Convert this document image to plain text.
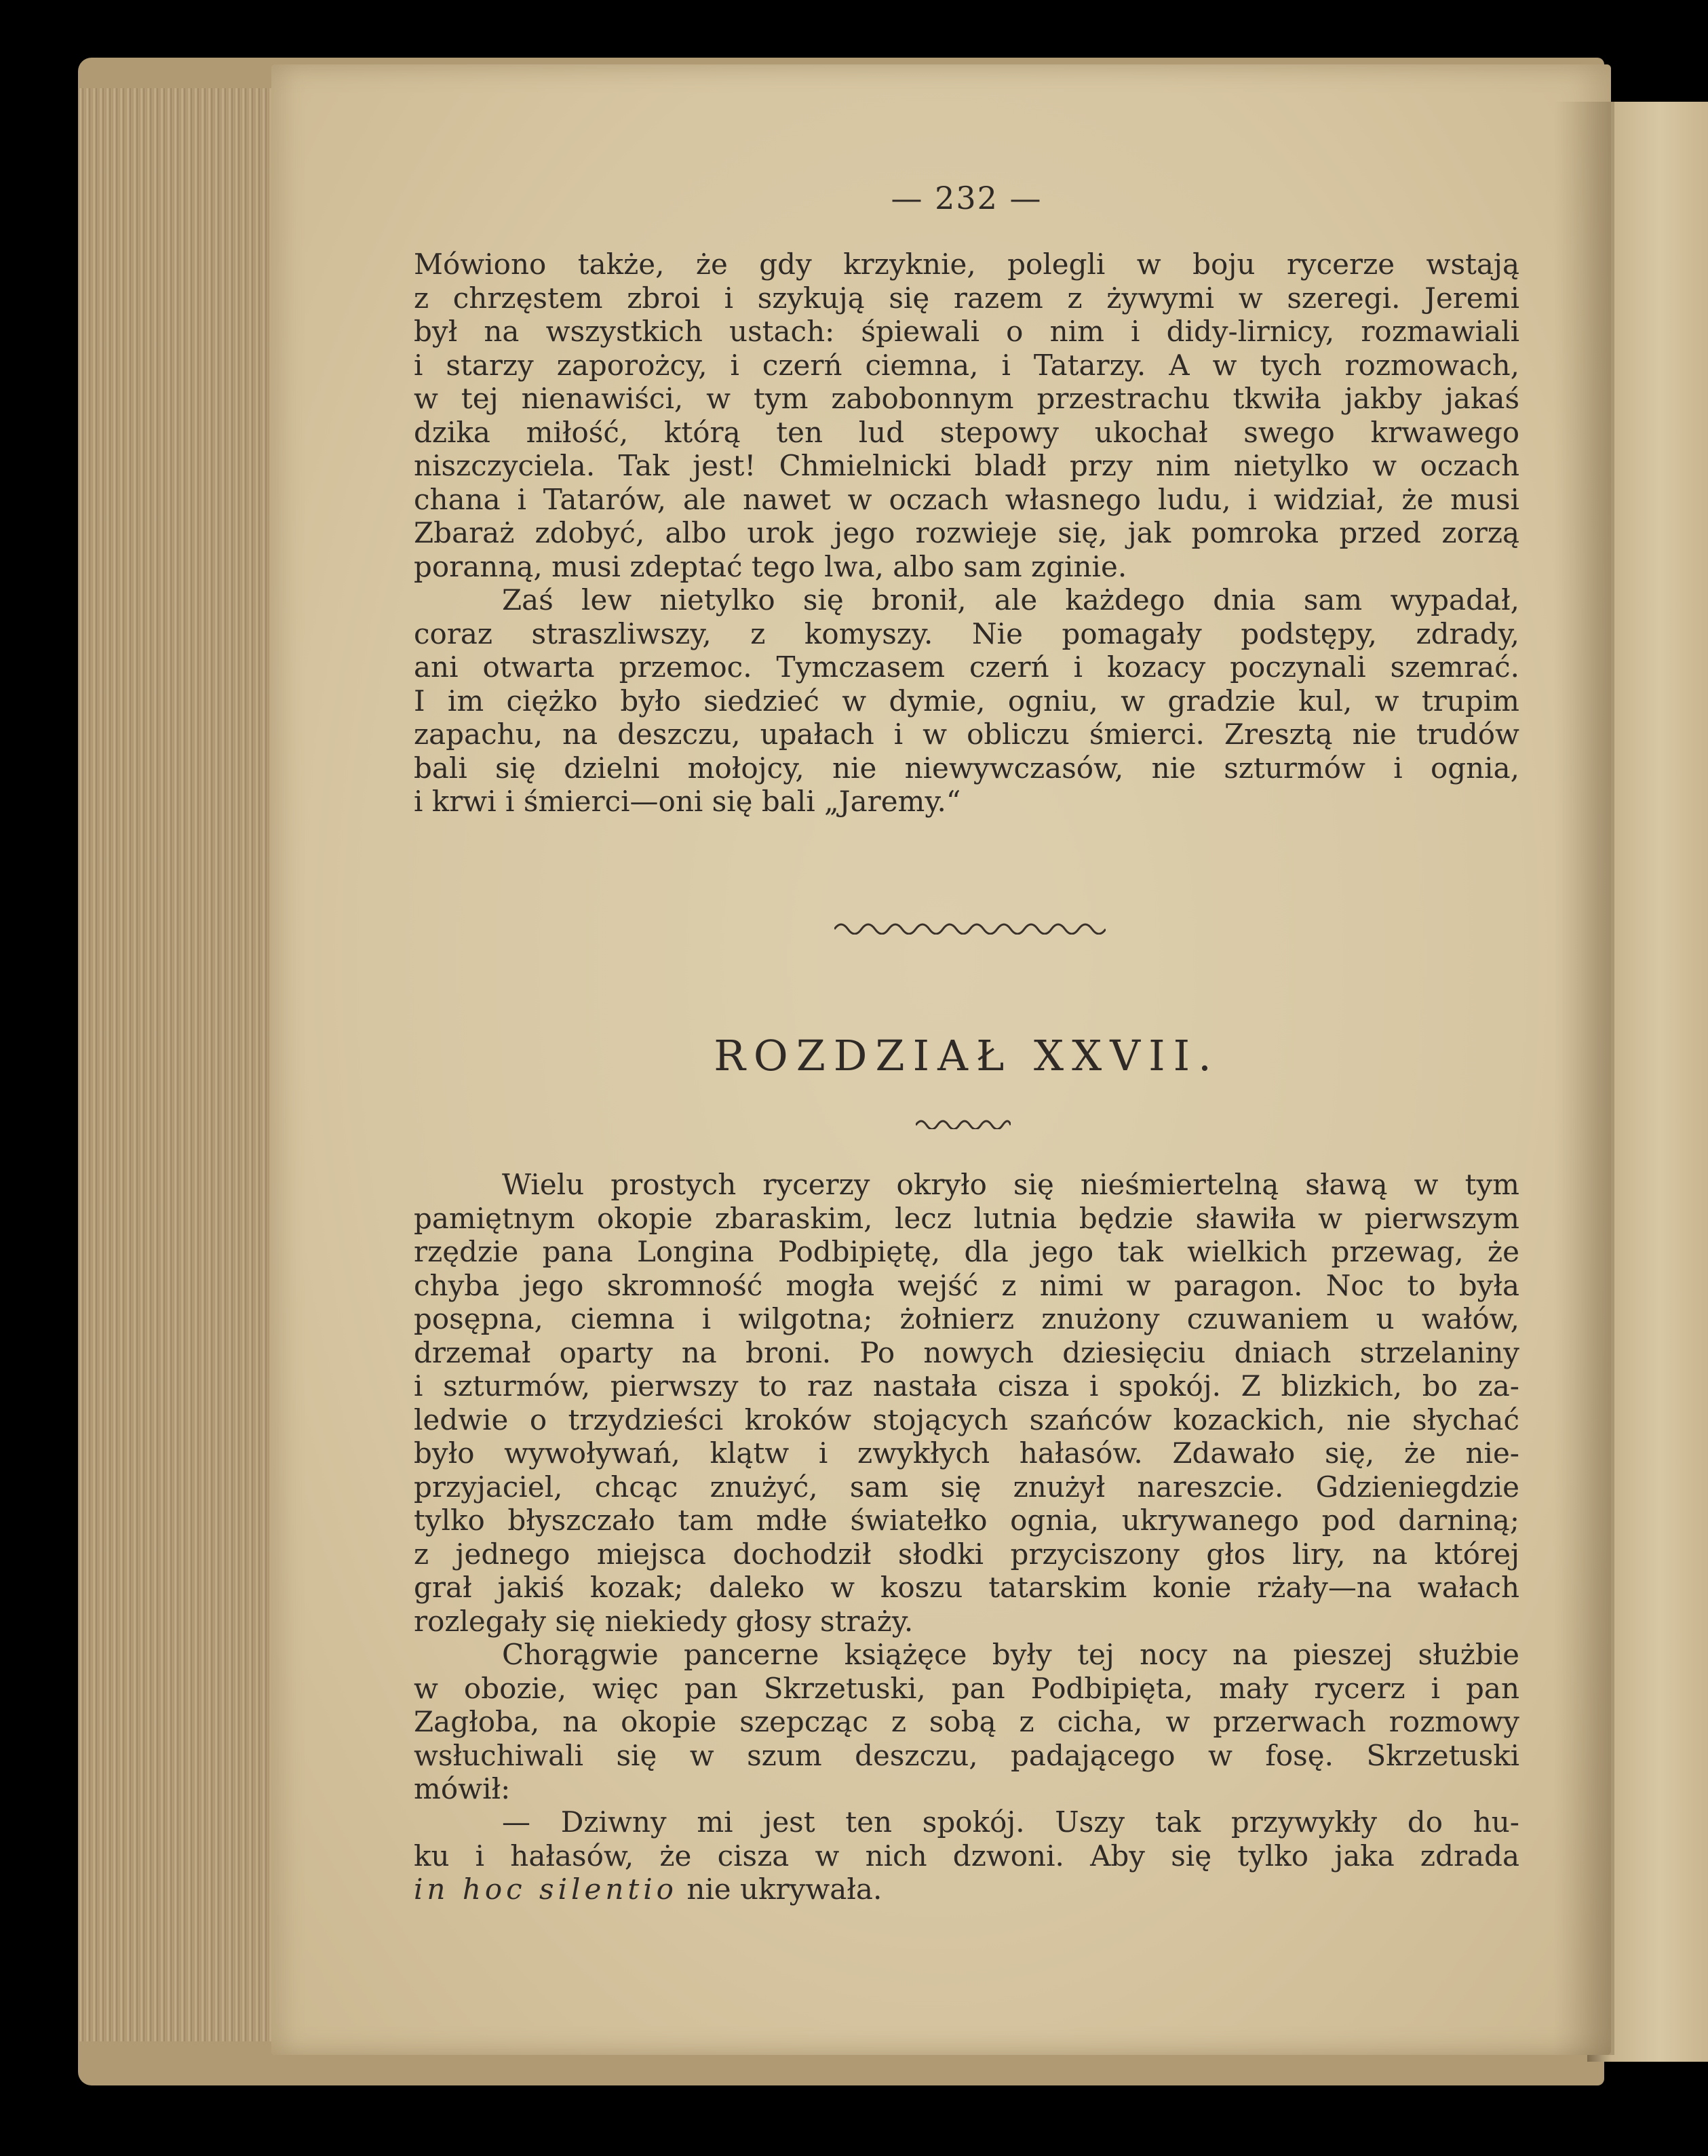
— 232 —
Mówiono także, że gdy krzyknie, polegli w boju rycerze wstają
z chrzęstem zbroi i szykują się razem z żywymi w szeregi. Jeremi
był na wszystkich ustach: śpiewali o nim i didy-lirnicy, rozmawiali
i starzy zaporożcy, i czerń ciemna, i Tatarzy. A w tych rozmowach,
w tej nienawiści, w tym zabobonnym przestrachu tkwiła jakby jakaś
dzika miłość, którą ten lud stepowy ukochał swego krwawego
niszczyciela. Tak jest! Chmielnicki bladł przy nim nietylko w oczach
chana i Tatarów, ale nawet w oczach własnego ludu, i widział, że musi
Zbaraż zdobyć, albo urok jego rozwieje się, jak pomroka przed zorzą
poranną, musi zdeptać tego lwa, albo sam zginie.
Zaś lew nietylko się bronił, ale każdego dnia sam wypadał,
coraz straszliwszy, z komyszy. Nie pomagały podstępy, zdrady,
ani otwarta przemoc. Tymczasem czerń i kozacy poczynali szemrać.
I im ciężko było siedzieć w dymie, ogniu, w gradzie kul, w trupim
zapachu, na deszczu, upałach i w obliczu śmierci. Zresztą nie trudów
bali się dzielni mołojcy, nie niewywczasów, nie szturmów i ognia,
i krwi i śmierci—oni się bali „Jaremy.“
ROZDZIAŁ XXVII.
Wielu prostych rycerzy okryło się nieśmiertelną sławą w tym
pamiętnym okopie zbaraskim, lecz lutnia będzie sławiła w pierwszym
rzędzie pana Longina Podbipiętę, dla jego tak wielkich przewag, że
chyba jego skromność mogła wejść z nimi w paragon. Noc to była
posępna, ciemna i wilgotna; żołnierz znużony czuwaniem u wałów,
drzemał oparty na broni. Po nowych dziesięciu dniach strzelaniny
i szturmów, pierwszy to raz nastała cisza i spokój. Z blizkich, bo za-
ledwie o trzydzieści kroków stojących szańców kozackich, nie słychać
było wywoływań, klątw i zwykłych hałasów. Zdawało się, że nie-
przyjaciel, chcąc znużyć, sam się znużył nareszcie. Gdzieniegdzie
tylko błyszczało tam mdłe światełko ognia, ukrywanego pod darniną;
z jednego miejsca dochodził słodki przyciszony głos liry, na której
grał jakiś kozak; daleko w koszu tatarskim konie rżały—na wałach
rozlegały się niekiedy głosy straży.
Chorągwie pancerne książęce były tej nocy na pieszej służbie
w obozie, więc pan Skrzetuski, pan Podbipięta, mały rycerz i pan
Zagłoba, na okopie szepcząc z sobą z cicha, w przerwach rozmowy
wsłuchiwali się w szum deszczu, padającego w fosę. Skrzetuski
mówił:
— Dziwny mi jest ten spokój. Uszy tak przywykły do hu-
ku i hałasów, że cisza w nich dzwoni. Aby się tylko jaka zdrada
in hoc silentio nie ukrywała.
